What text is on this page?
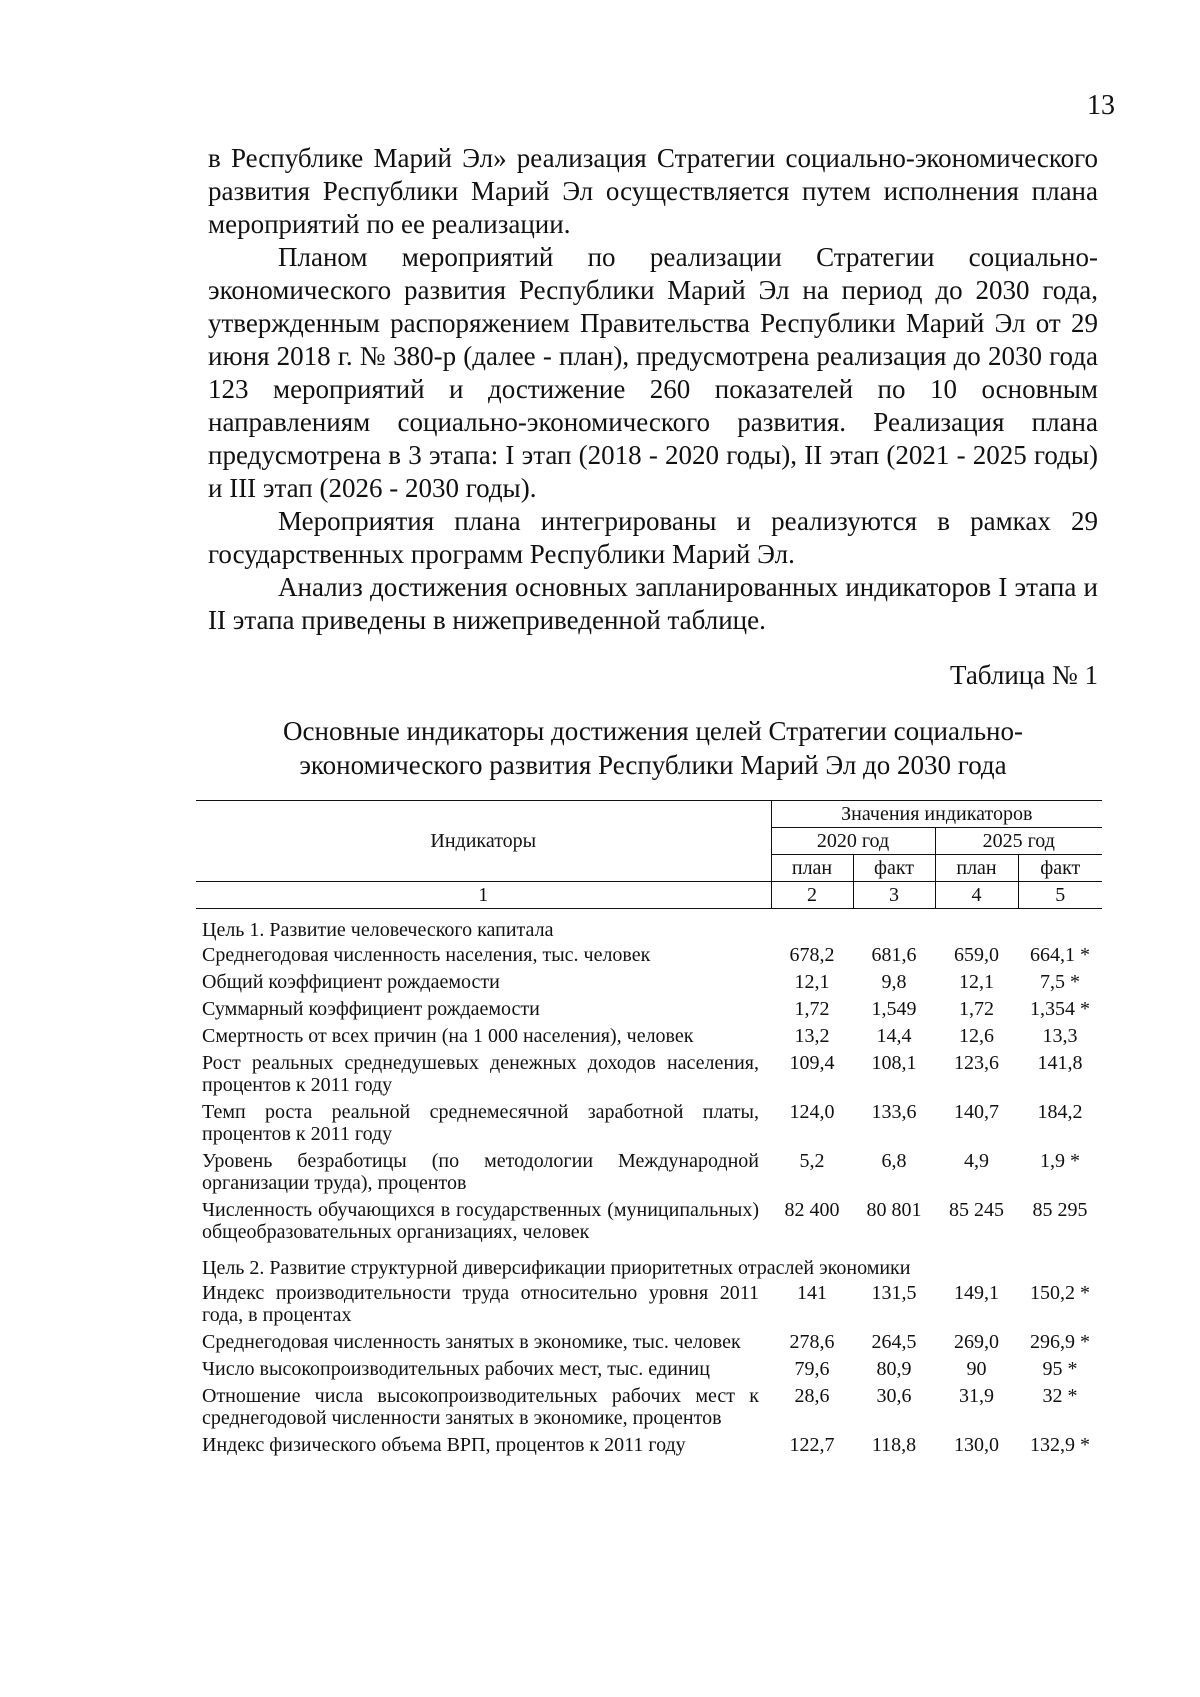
13

в Республике Марий Эл» реализация Стратегии социально-экономического развития Республики Марий Эл осуществляется путем исполнения плана мероприятий по ее реализации.

Планом мероприятий по реализации Стратегии социально-экономического развития Республики Марий Эл на период до 2030 года, утвержденным распоряжением Правительства Республики Марий Эл от 29 июня 2018 г. № 380-р (далее - план), предусмотрена реализация до 2030 года 123 мероприятий и достижение 260 показателей по 10 основным направлениям социально-экономического развития. Реализация плана предусмотрена в 3 этапа: I этап (2018 - 2020 годы), II этап (2021 - 2025 годы) и III этап (2026 - 2030 годы).

Мероприятия плана интегрированы и реализуются в рамках 29 государственных программ Республики Марий Эл.

Анализ достижения основных запланированных индикаторов I этапа и II этапа приведены в нижеприведенной таблице.

Таблица № 1
Основные индикаторы достижения целей Стратегии социально-
экономического развития Республики Марий Эл до 2030 года
Индикаторы	Значения индикаторов			
	2020 год		2025 год	
	план	факт	план	факт
1	2	3	4	5
Цель 1. Развитие человеческого капитала				
Среднегодовая численность населения, тыс. человек	678,2	681,6	659,0	664,1 *
Общий коэффициент рождаемости	12,1	9,8	12,1	7,5 *
Суммарный коэффициент рождаемости	1,72	1,549	1,72	1,354 *
Смертность от всех причин (на 1 000 населения), человек	13,2	14,4	12,6	13,3
Рост реальных среднедушевых денежных доходов населения, процентов к 2011 году	109,4	108,1	123,6	141,8
Темп роста реальной среднемесячной заработной платы, процентов к 2011 году	124,0	133,6	140,7	184,2
Уровень безработицы (по методологии Международной организации труда), процентов	5,2	6,8	4,9	1,9 *
Численность обучающихся в государственных (муниципальных) общеобразовательных организациях, человек	82 400	80 801	85 245	85 295
Цель 2. Развитие структурной диверсификации приоритетных отраслей экономики				
Индекс производительности труда относительно уровня 2011 года, в процентах	141	131,5	149,1	150,2 *
Среднегодовая численность занятых в экономике, тыс. человек	278,6	264,5	269,0	296,9 *
Число высокопроизводительных рабочих мест, тыс. единиц	79,6	80,9	90	95 *
Отношение числа высокопроизводительных рабочих мест к среднегодовой численности занятых в экономике, процентов	28,6	30,6	31,9	32 *
Индекс физического объема ВРП, процентов к 2011 году	122,7	118,8	130,0	132,9 *
